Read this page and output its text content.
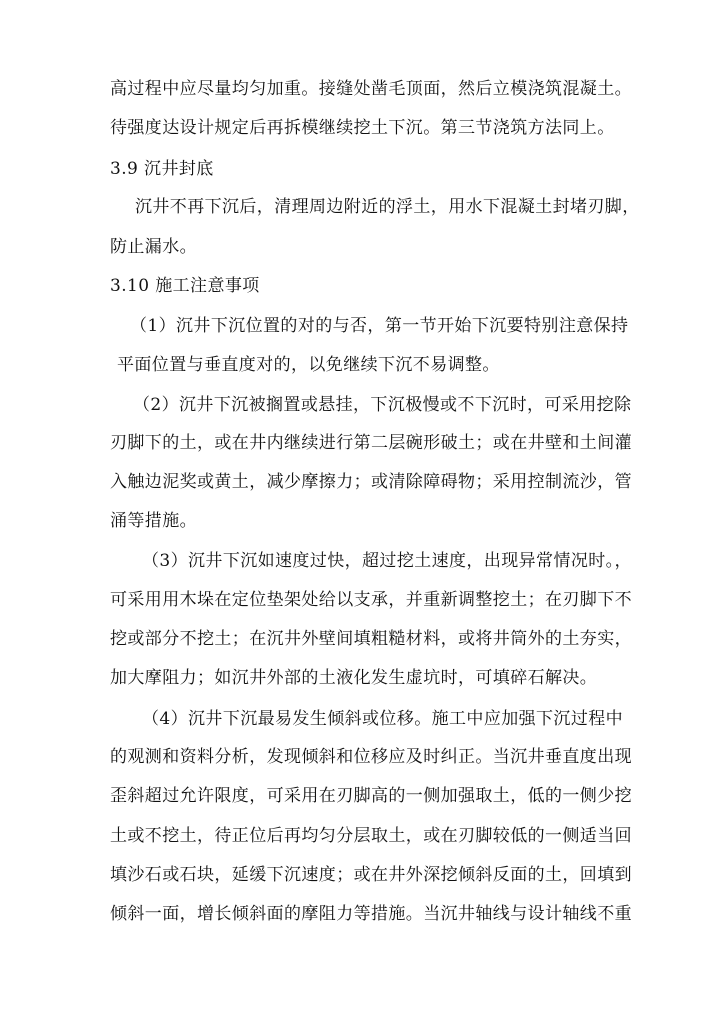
高过程中应尽量均匀加重。接缝处凿毛顶面，然后立模浇筑混凝土。
待强度达设计规定后再拆模继续挖土下沉。第三节浇筑方法同上。
3.9 沉井封底
沉井不再下沉后，清理周边附近的浮土，用水下混凝土封堵刃脚，
防止漏水。
3.10 施工注意事项
（1）沉井下沉位置的对的与否，第一节开始下沉要特别注意保持
平面位置与垂直度对的，以免继续下沉不易调整。
（2）沉井下沉被搁置或悬挂，下沉极慢或不下沉时，可采用挖除
刃脚下的土，或在井内继续进行第二层碗形破土；或在井壁和土间灌
入触边泥奖或黄土，减少摩擦力；或清除障碍物；采用控制流沙，管
涌等措施。
（3）沉井下沉如速度过快，超过挖土速度，出现异常情况时。，
可采用用木垛在定位垫架处给以支承，并重新调整挖土；在刃脚下不
挖或部分不挖土；在沉井外壁间填粗糙材料，或将井筒外的土夯实，
加大摩阻力；如沉井外部的土液化发生虚坑时，可填碎石解决。
（4）沉井下沉最易发生倾斜或位移。施工中应加强下沉过程中
的观测和资料分析，发现倾斜和位移应及时纠正。当沉井垂直度出现
歪斜超过允许限度，可采用在刃脚高的一侧加强取土，低的一侧少挖
土或不挖土，待正位后再均匀分层取土，或在刃脚较低的一侧适当回
填沙石或石块，延缓下沉速度；或在井外深挖倾斜反面的土，回填到
倾斜一面，增长倾斜面的摩阻力等措施。当沉井轴线与设计轴线不重
